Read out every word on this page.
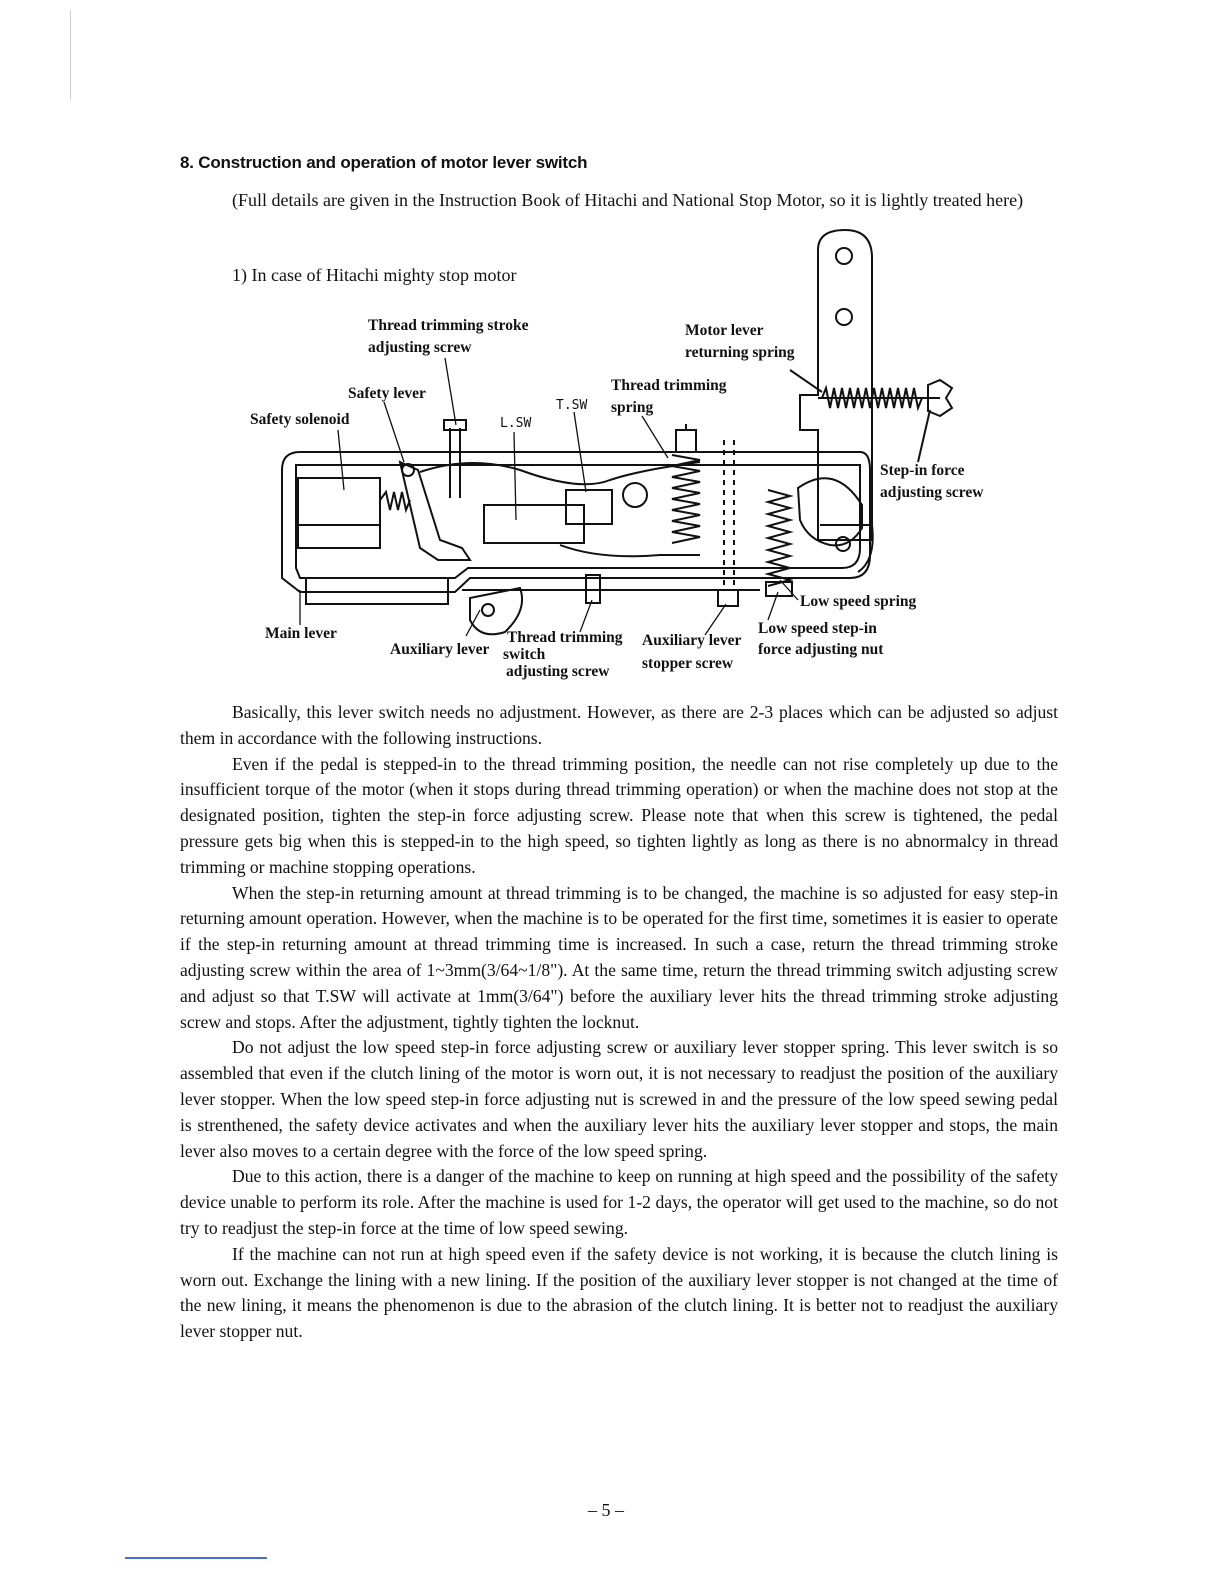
8. Construction and operation of motor lever switch
(Full details are given in the Instruction Book of Hitachi and National Stop Motor, so it is lightly treated here)
1) In case of Hitachi mighty stop motor
Thread trimming stroke
adjusting screw
Motor lever
returning spring
Safety lever
Safety solenoid
T.SW
L.SW
Thread trimming
spring
Step-in force
adjusting screw
Low speed spring
Low speed step-in
force adjusting nut
Main lever
Auxiliary lever
Thread trimming
switch
adjusting screw
Auxiliary lever
stopper screw

Basically, this lever switch needs no adjustment. However, as there are 2-3 places which can be adjusted so adjust them in accordance with the following instructions.

Even if the pedal is stepped-in to the thread trimming position, the needle can not rise completely up due to the insufficient torque of the motor (when it stops during thread trimming operation) or when the machine does not stop at the designated position, tighten the step-in force adjusting screw. Please note that when this screw is tightened, the pedal pressure gets big when this is stepped-in to the high speed, so tighten lightly as long as there is no abnormalcy in thread trimming or machine stopping operations.

When the step-in returning amount at thread trimming is to be changed, the machine is so adjusted for easy step-in returning amount operation. However, when the machine is to be operated for the first time, sometimes it is easier to operate if the step-in returning amount at thread trimming time is increased. In such a case, return the thread trimming stroke adjusting screw within the area of 1~3mm(3/64~1/8"). At the same time, return the thread trimming switch adjusting screw and adjust so that T.SW will activate at 1mm(3/64") before the auxiliary lever hits the thread trimming stroke adjusting screw and stops. After the adjustment, tightly tighten the locknut.

Do not adjust the low speed step-in force adjusting screw or auxiliary lever stopper spring. This lever switch is so assembled that even if the clutch lining of the motor is worn out, it is not necessary to readjust the position of the auxiliary lever stopper. When the low speed step-in force adjusting nut is screwed in and the pressure of the low speed sewing pedal is strenthened, the safety device activates and when the auxiliary lever hits the auxiliary lever stopper and stops, the main lever also moves to a certain degree with the force of the low speed spring.

Due to this action, there is a danger of the machine to keep on running at high speed and the possibility of the safety device unable to perform its role. After the machine is used for 1-2 days, the operator will get used to the machine, so do not try to readjust the step-in force at the time of low speed sewing.

If the machine can not run at high speed even if the safety device is not working, it is because the clutch lining is worn out. Exchange the lining with a new lining. If the position of the auxiliary lever stopper is not changed at the time of the new lining, it means the phenomenon is due to the abrasion of the clutch lining. It is better not to readjust the auxiliary lever stopper nut.

– 5 –
